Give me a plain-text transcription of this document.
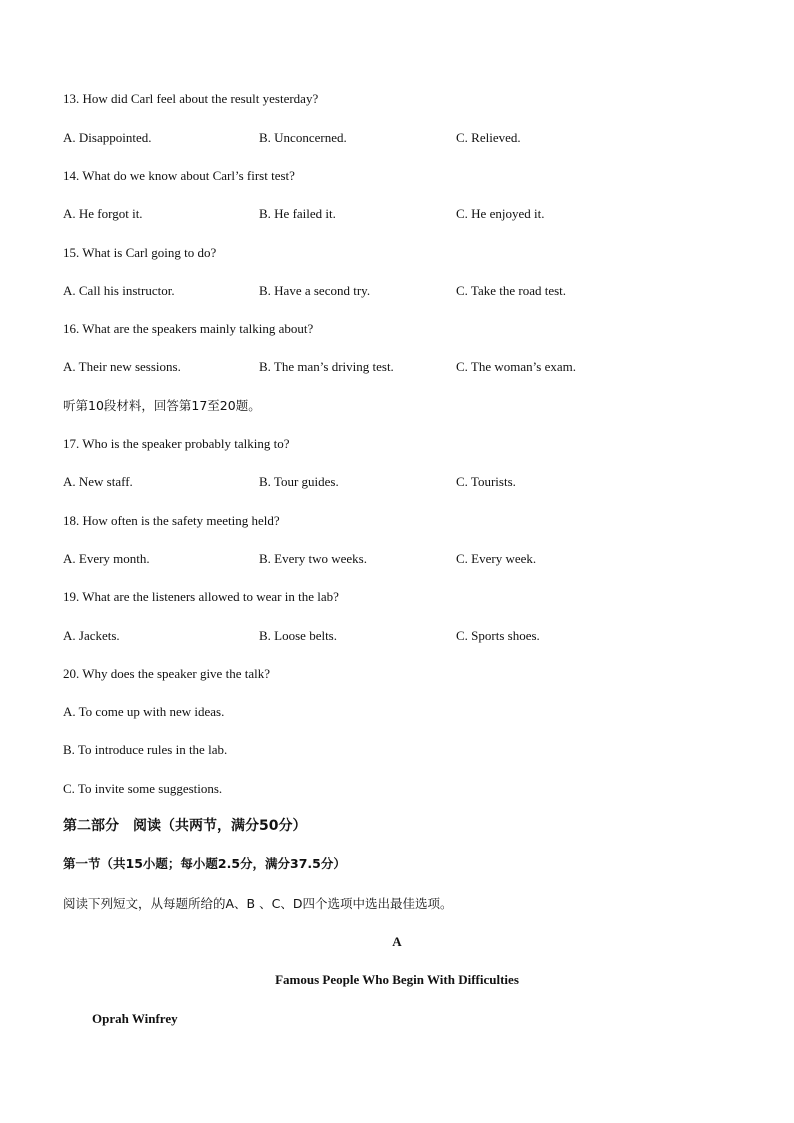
13. How did Carl feel about the result yesterday?
A. Disappointed.	B. Unconcerned.	C. Relieved.
14. What do we know about Carl’s first test?
A. He forgot it.	B. He failed it.	C. He enjoyed it.
15. What is Carl going to do?
A. Call his instructor.	B. Have a second try.	C. Take the road test.
16. What are the speakers mainly talking about?
A. Their new sessions.	B. The man’s driving test.	C. The woman’s exam.
听第10段材料，回答第17至20题。
17. Who is the speaker probably talking to?
A. New staff.	B. Tour guides.	C. Tourists.
18. How often is the safety meeting held?
A. Every month.	B. Every two weeks.	C. Every week.
19. What are the listeners allowed to wear in the lab?
A. Jackets.	B. Loose belts.	C. Sports shoes.
20. Why does the speaker give the talk?
A. To come up with new ideas.
B. To introduce rules in the lab.
C. To invite some suggestions.
第二部分　阅读（共两节，满分50分）
第一节（共15小题；每小题2.5分，满分37.5分）
阅读下列短文，从每题所给的A、B 、C、D四个选项中选出最佳选项。
A
Famous People Who Begin With Difficulties
Oprah Winfrey
